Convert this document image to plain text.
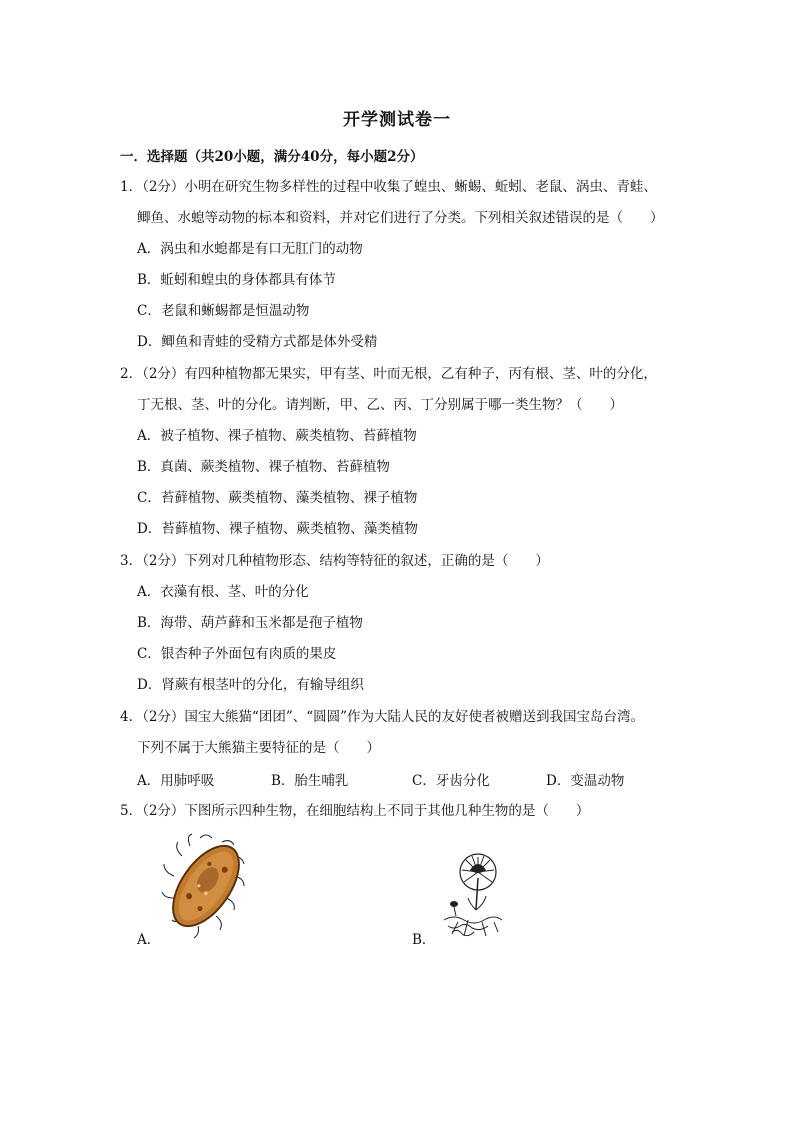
开学测试卷一
一．选择题（共20小题，满分40分，每小题2分）
1．（2分）小明在研究生物多样性的过程中收集了蝗虫、蜥蜴、蚯蚓、老鼠、涡虫、青蛙、
鲫鱼、水螅等动物的标本和资料，并对它们进行了分类。下列相关叙述错误的是（　　）
A．涡虫和水螅都是有口无肛门的动物
B．蚯蚓和蝗虫的身体都具有体节
C．老鼠和蜥蜴都是恒温动物
D．鲫鱼和青蛙的受精方式都是体外受精
2．（2分）有四种植物都无果实，甲有茎、叶而无根，乙有种子，丙有根、茎、叶的分化，
丁无根、茎、叶的分化。请判断，甲、乙、丙、丁分别属于哪一类生物？（　　）
A．被子植物、裸子植物、蕨类植物、苔藓植物
B．真菌、蕨类植物、裸子植物、苔藓植物
C．苔藓植物、蕨类植物、藻类植物、裸子植物
D．苔藓植物、裸子植物、蕨类植物、藻类植物
3．（2分）下列对几种植物形态、结构等特征的叙述，正确的是（　　）
A．衣藻有根、茎、叶的分化
B．海带、葫芦藓和玉米都是孢子植物
C．银杏种子外面包有肉质的果皮
D．肾蕨有根茎叶的分化，有输导组织
4．（2分）国宝大熊猫“团团”、“圆圆”作为大陆人民的友好使者被赠送到我国宝岛台湾。
下列不属于大熊猫主要特征的是（　　）
A．用肺呼吸	B．胎生哺乳	C．牙齿分化	D．变温动物
5．（2分）下图所示四种生物，在细胞结构上不同于其他几种生物的是（　　）
A．	B．
